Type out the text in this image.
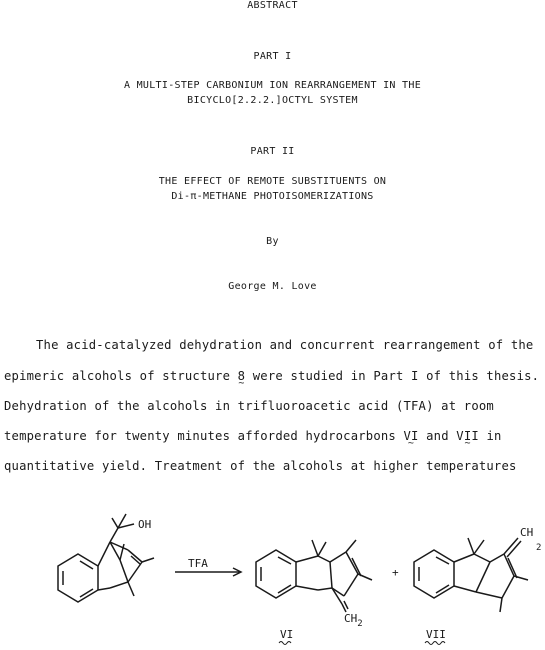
ABSTRACT
PART I
A MULTI-STEP CARBONIUM ION REARRANGEMENT IN THE
BICYCLO[2.2.2.]OCTYL SYSTEM
PART II
THE EFFECT OF REMOTE SUBSTITUENTS ON
Di-π-METHANE PHOTOISOMERIZATIONS
By
George M. Love
The acid-catalyzed dehydration and concurrent rearrangement of the
epimeric alcohols of structure 8 ~ were studied in Part I of this thesis.
Dehydration of the alcohols in trifluoroacetic acid (TFA) at room
temperature for twenty minutes afforded hydrocarbons VI ~ and VII ~ in
quantitative yield. Treatment of the alcohols at higher temperatures
OH
TFA
$CH_2$
+
CH2
VI	VII
